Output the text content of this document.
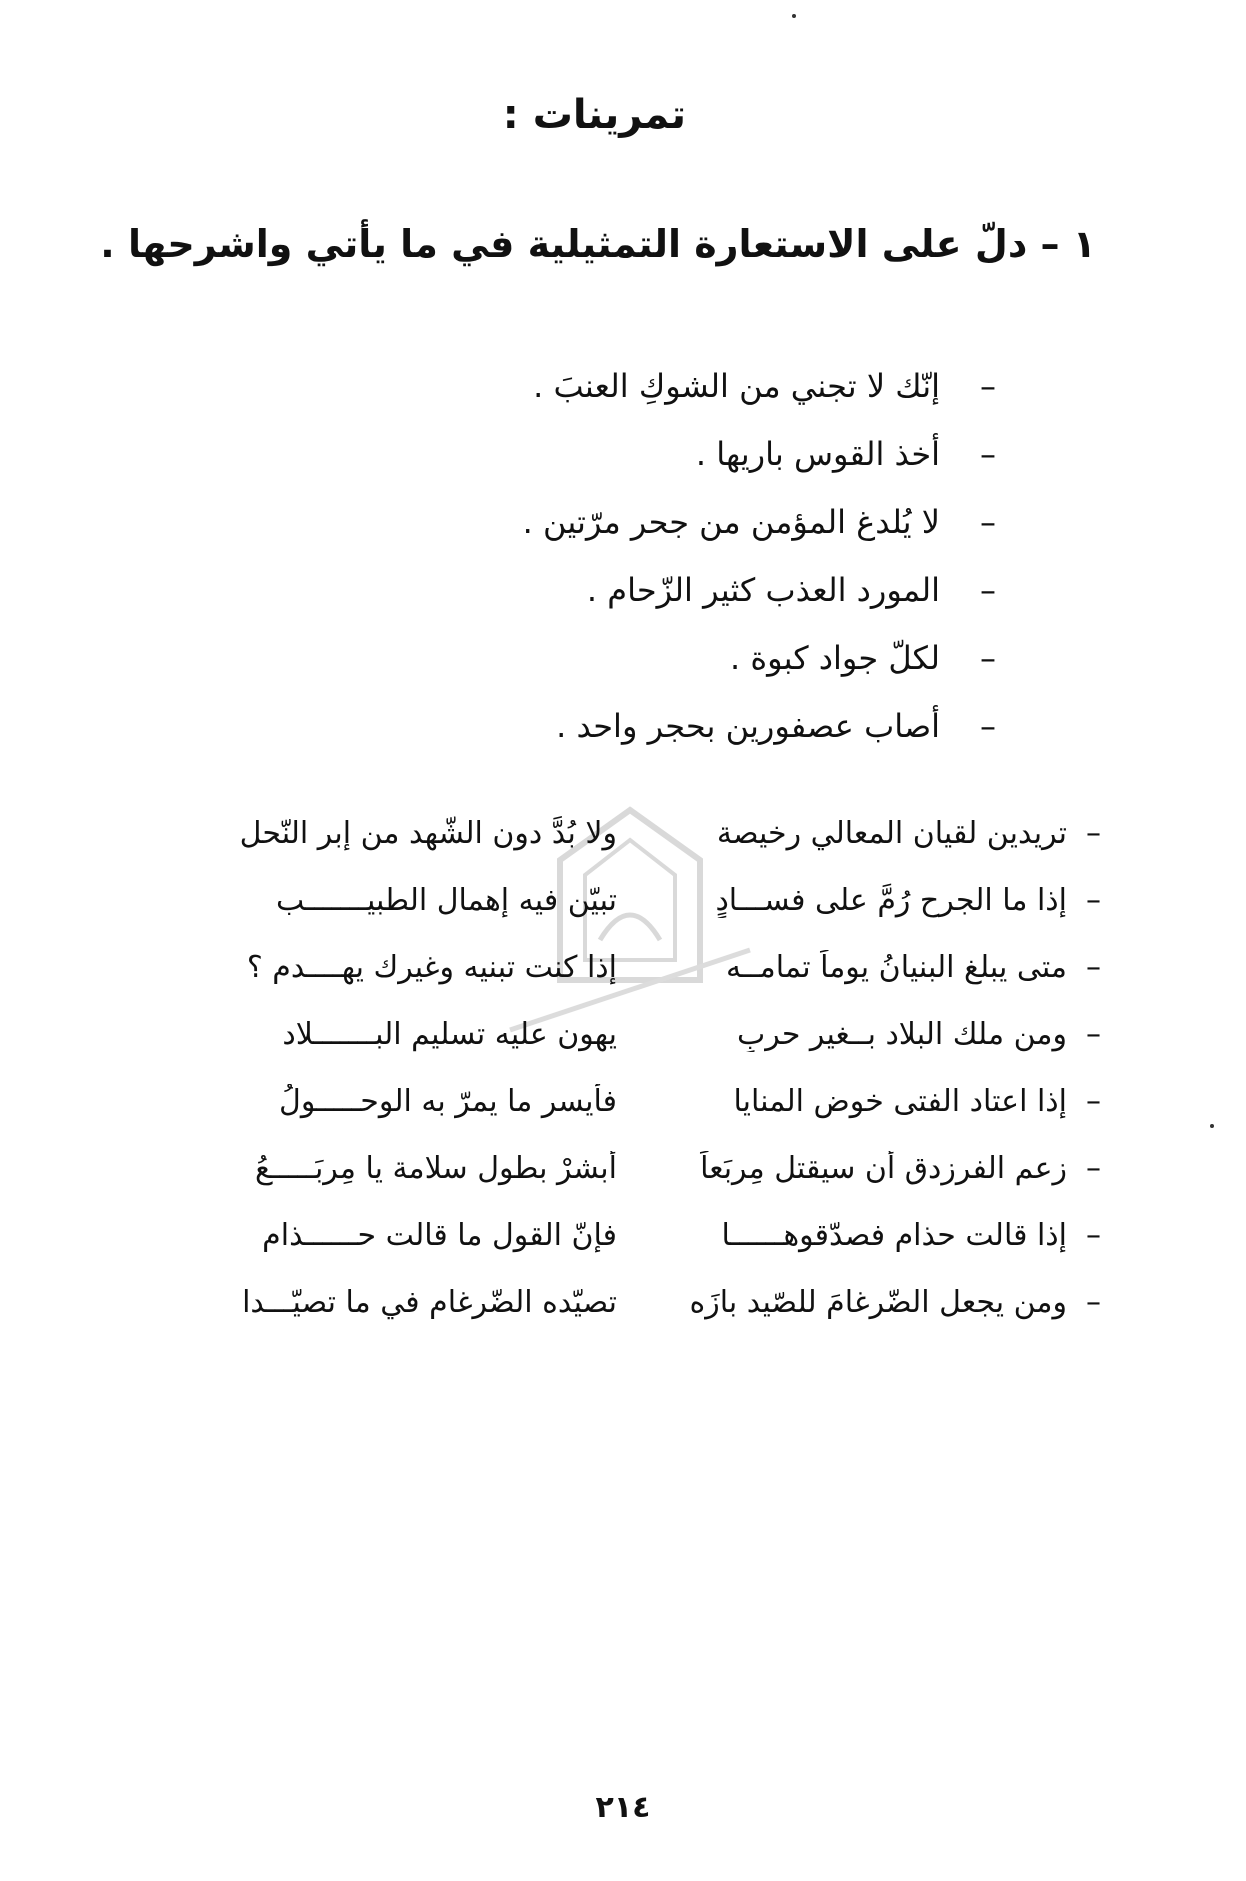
تمرينات :
١ – دلّ على الاستعارة التمثيلية في ما يأتي واشرحها .
–
إنّك لا تجني من الشوكِ العنبَ .
–
أخذ القوس باريها .
–
لا يُلدغ المؤمن من جحر مرّتين .
–
المورد العذب كثير الزّحام .
–
لكلّ جواد كبوة .
–
أصاب عصفورين بحجر واحد .
–
تريدين لقيان المعالي رخيصة
ولا بُدَّ دون الشّهد من إبر النّحل
–
إذا ما الجرح رُمَّ على فســـادٍ
تبيّن فيه إهمال الطبيـــــــب
–
متى يبلغ البنيانُ يوماً تمامــه
إذا كنت تبنيه وغيرك يهــــدم ؟
–
ومن ملك البلاد بــغير حربٍ
يهون عليه تسليم البـــــــلاد
–
إذا اعتاد الفتى خوض المنايا
فأيسر ما يمرّ به الوحـــــولُ
–
زعم الفرزدق أن سيقتل مِربَعاً
أبشرْ بطول سلامة يا مِربَـــــعُ
–
إذا قالت حذام فصدّقوهــــــا
فإنّ القول ما قالت حــــــذام
–
ومن يجعل الضّرغامَ للصّيد بازَه
تصيّده الضّرغام في ما تصيّـــدا
٢١٤
